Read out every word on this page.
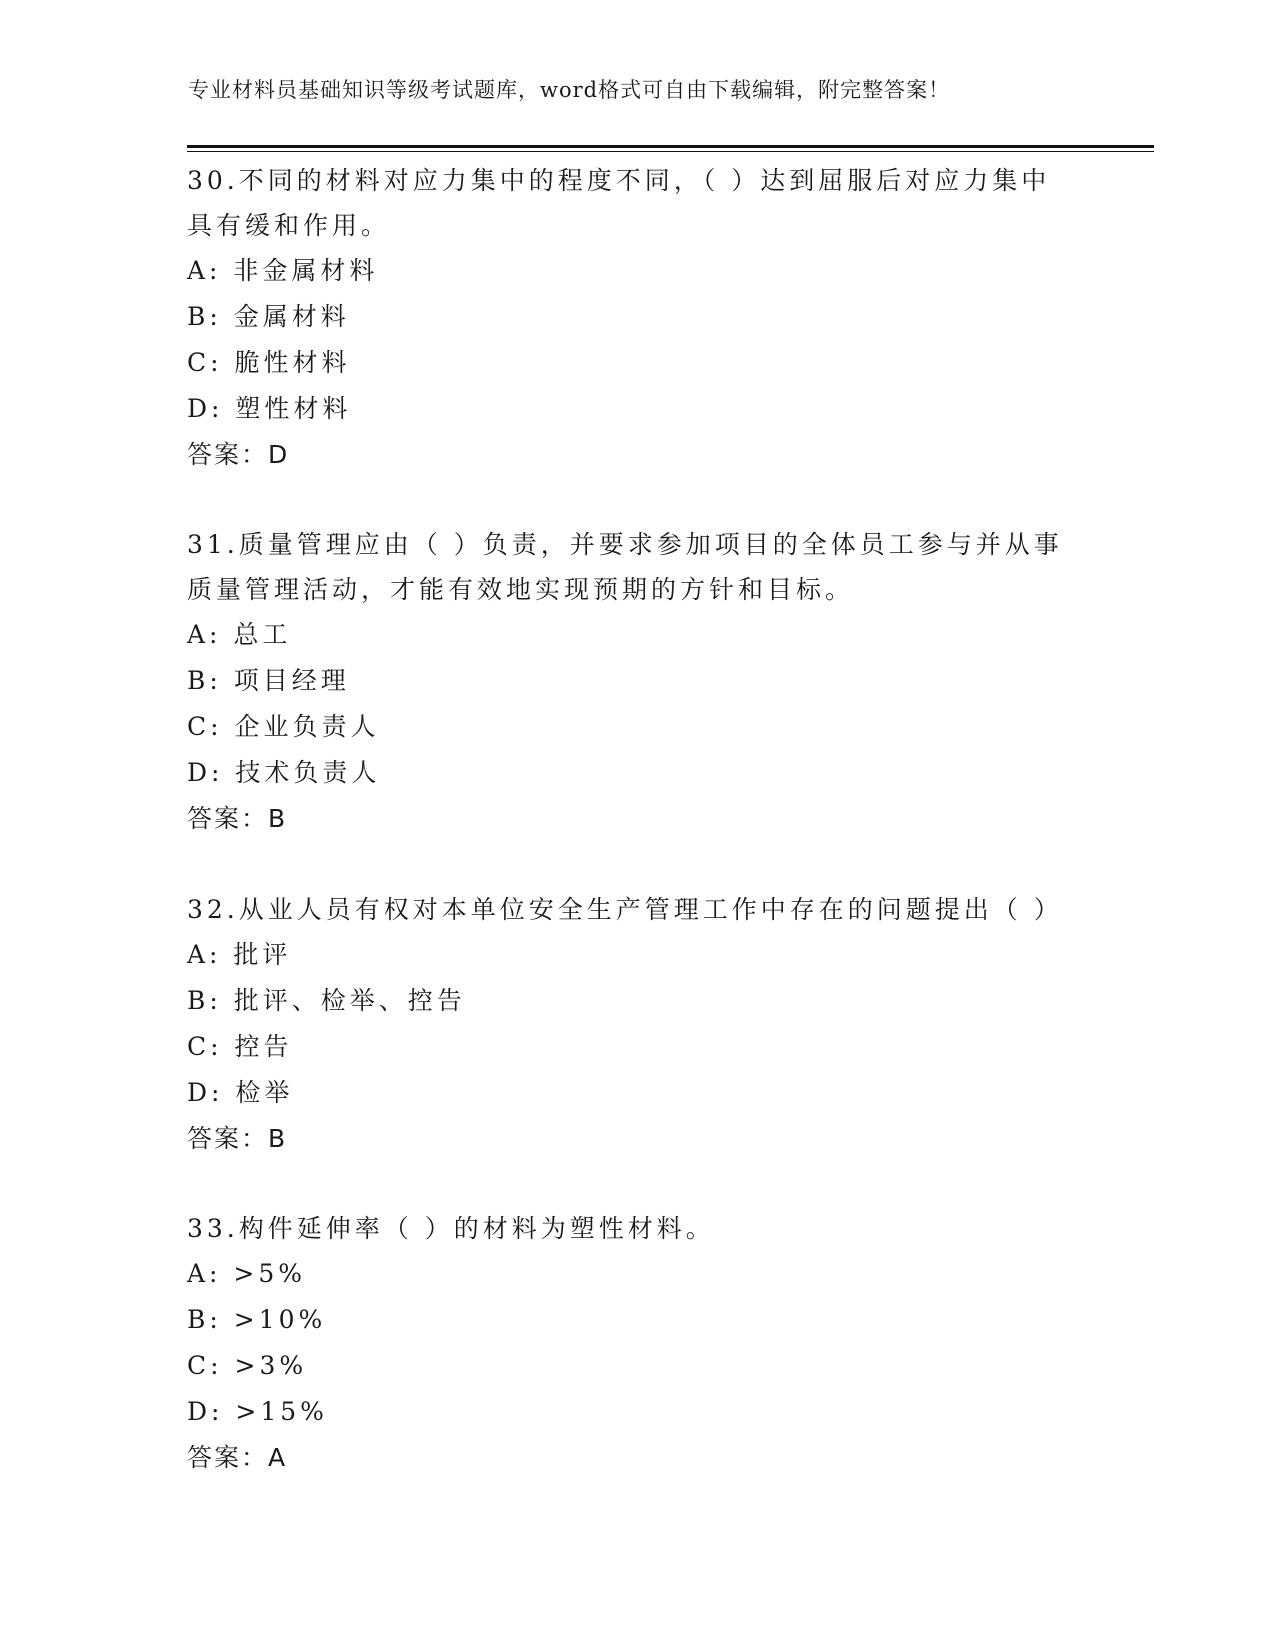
专业材料员基础知识等级考试题库，word格式可自由下载编辑，附完整答案！

30.不同的材料对应力集中的程度不同，（ ）达到屈服后对应力集中具有缓和作用。

A: 非金属材料
B: 金属材料
C: 脆性材料
D: 塑性材料
答案：D

31.质量管理应由（ ）负责，并要求参加项目的全体员工参与并从事质量管理活动，才能有效地实现预期的方针和目标。

A: 总工
B: 项目经理
C: 企业负责人
D: 技术负责人
答案：B

32.从业人员有权对本单位安全生产管理工作中存在的问题提出（ ）

A: 批评
B: 批评、检举、控告
C: 控告
D: 检举
答案：B

33.构件延伸率（ ）的材料为塑性材料。

A: >5%
B: >10%
C: >3%
D: >15%
答案：A
